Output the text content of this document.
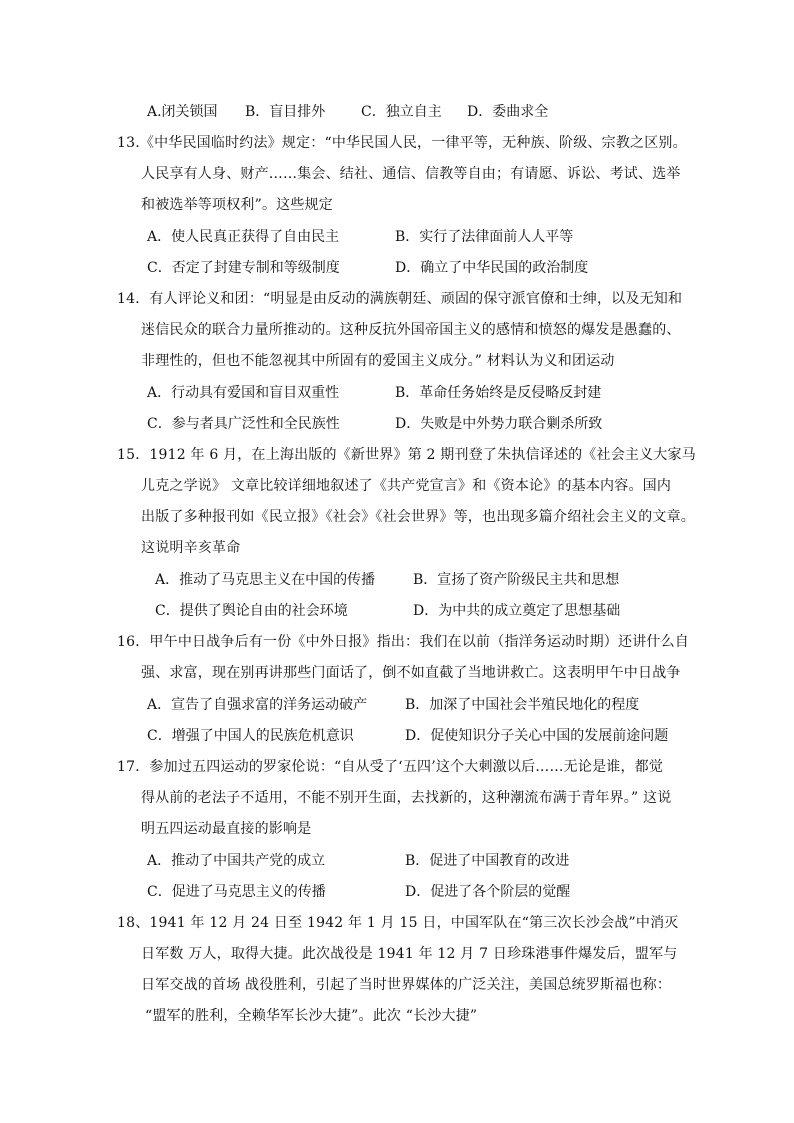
A.闭关锁国 B．盲目排外	C．独立自主 D．委曲求全
13.《中华民国临时约法》规定：“中华民国人民，一律平等，无种族、阶级、宗教之区别。
人民享有人身、财产……集会、结社、通信、信教等自由；有请愿、诉讼、考试、选举
和被选举等项权利”。这些规定
A．使人民真正获得了自由民主	B．实行了法律面前人人平等
C．否定了封建专制和等级制度	D．确立了中华民国的政治制度
14．有人评论义和团：“明显是由反动的满族朝廷、顽固的保守派官僚和士绅，以及无知和
迷信民众的联合力量所推动的。这种反抗外国帝国主义的感情和愤怒的爆发是愚蠢的、
非理性的，但也不能忽视其中所固有的爱国主义成分。” 材料认为义和团运动
A．行动具有爱国和盲目双重性	B．革命任务始终是反侵略反封建
C．参与者具广泛性和全民族性	D．失败是中外势力联合剿杀所致
15．1912 年 6 月，在上海出版的《新世界》第 2 期刊登了朱执信译述的《社会主义大家马
儿克之学说》 文章比较详细地叙述了《共产党宣言》和《资本论》的基本内容。国内
出版了多种报刊如《民立报》《社会》《社会世界》等，也出现多篇介绍社会主义的文章。
这说明辛亥革命
A．推动了马克思主义在中国的传播	B．宣扬了资产阶级民主共和思想
C．提供了舆论自由的社会环境	D．为中共的成立奠定了思想基础
16．甲午中日战争后有一份《中外日报》指出：我们在以前（指洋务运动时期）还讲什么自
强、求富，现在别再讲那些门面话了，倒不如直截了当地讲救亡。这表明甲午中日战争
A．宣告了自强求富的洋务运动破产	B．加深了中国社会半殖民地化的程度
C．增强了中国人的民族危机意识	D．促使知识分子关心中国的发展前途问题
17．参加过五四运动的罗家伦说：“自从受了‘五四’这个大刺激以后……无论是谁，都觉
得从前的老法子不适用，不能不别开生面，去找新的，这种潮流布满于青年界。” 这说
明五四运动最直接的影响是
A．推动了中国共产党的成立	B．促进了中国教育的改进
C．促进了马克思主义的传播	D．促进了各个阶层的觉醒
18、1941 年 12 月 24 日至 1942 年 1 月 15 日，中国军队在“第三次长沙会战”中消灭
日军数 万人，取得大捷。此次战役是 1941 年 12 月 7 日珍珠港事件爆发后，盟军与
日军交战的首场 战役胜利，引起了当时世界媒体的广泛关注，美国总统罗斯福也称：
“盟军的胜利，全赖华军长沙大捷”。此次 “长沙大捷”
